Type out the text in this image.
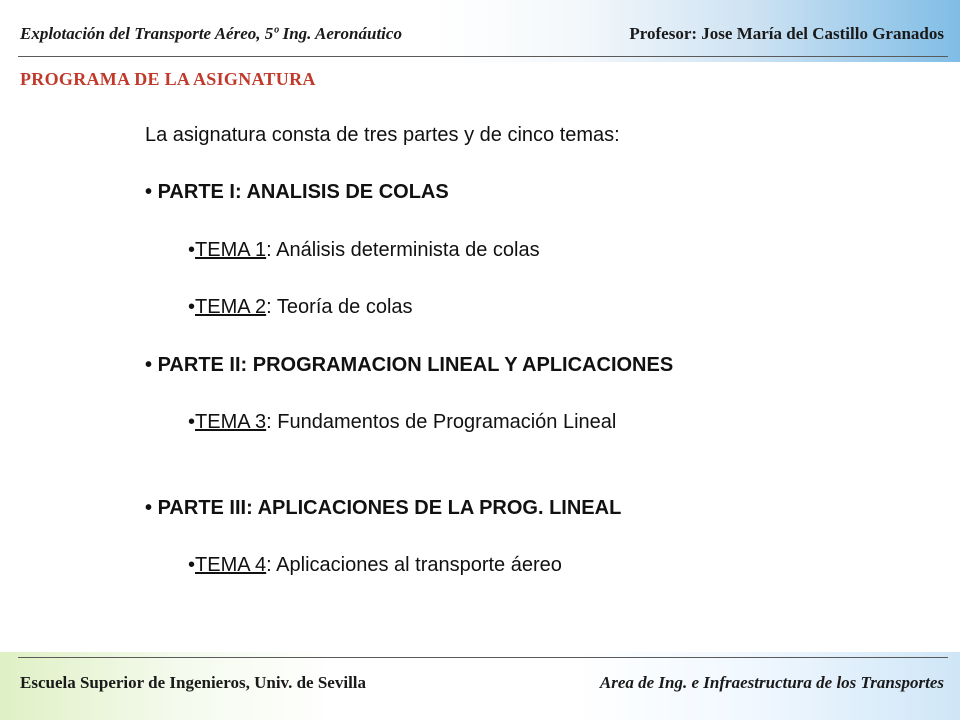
Explotación del Transporte Aéreo, 5º Ing. Aeronáutico	Profesor: Jose María del Castillo Granados
PROGRAMA DE LA ASIGNATURA
La asignatura consta de tres partes y de cinco temas:
• PARTE I: ANALISIS DE COLAS
•TEMA 1: Análisis determinista de colas
•TEMA 2: Teoría de colas
• PARTE II: PROGRAMACION LINEAL Y APLICACIONES
•TEMA 3: Fundamentos de Programación Lineal
• PARTE III: APLICACIONES DE LA PROG. LINEAL
•TEMA 4: Aplicaciones al transporte áereo
Escuela Superior de Ingenieros, Univ. de Sevilla	Area de Ing. e Infraestructura de los Transportes
